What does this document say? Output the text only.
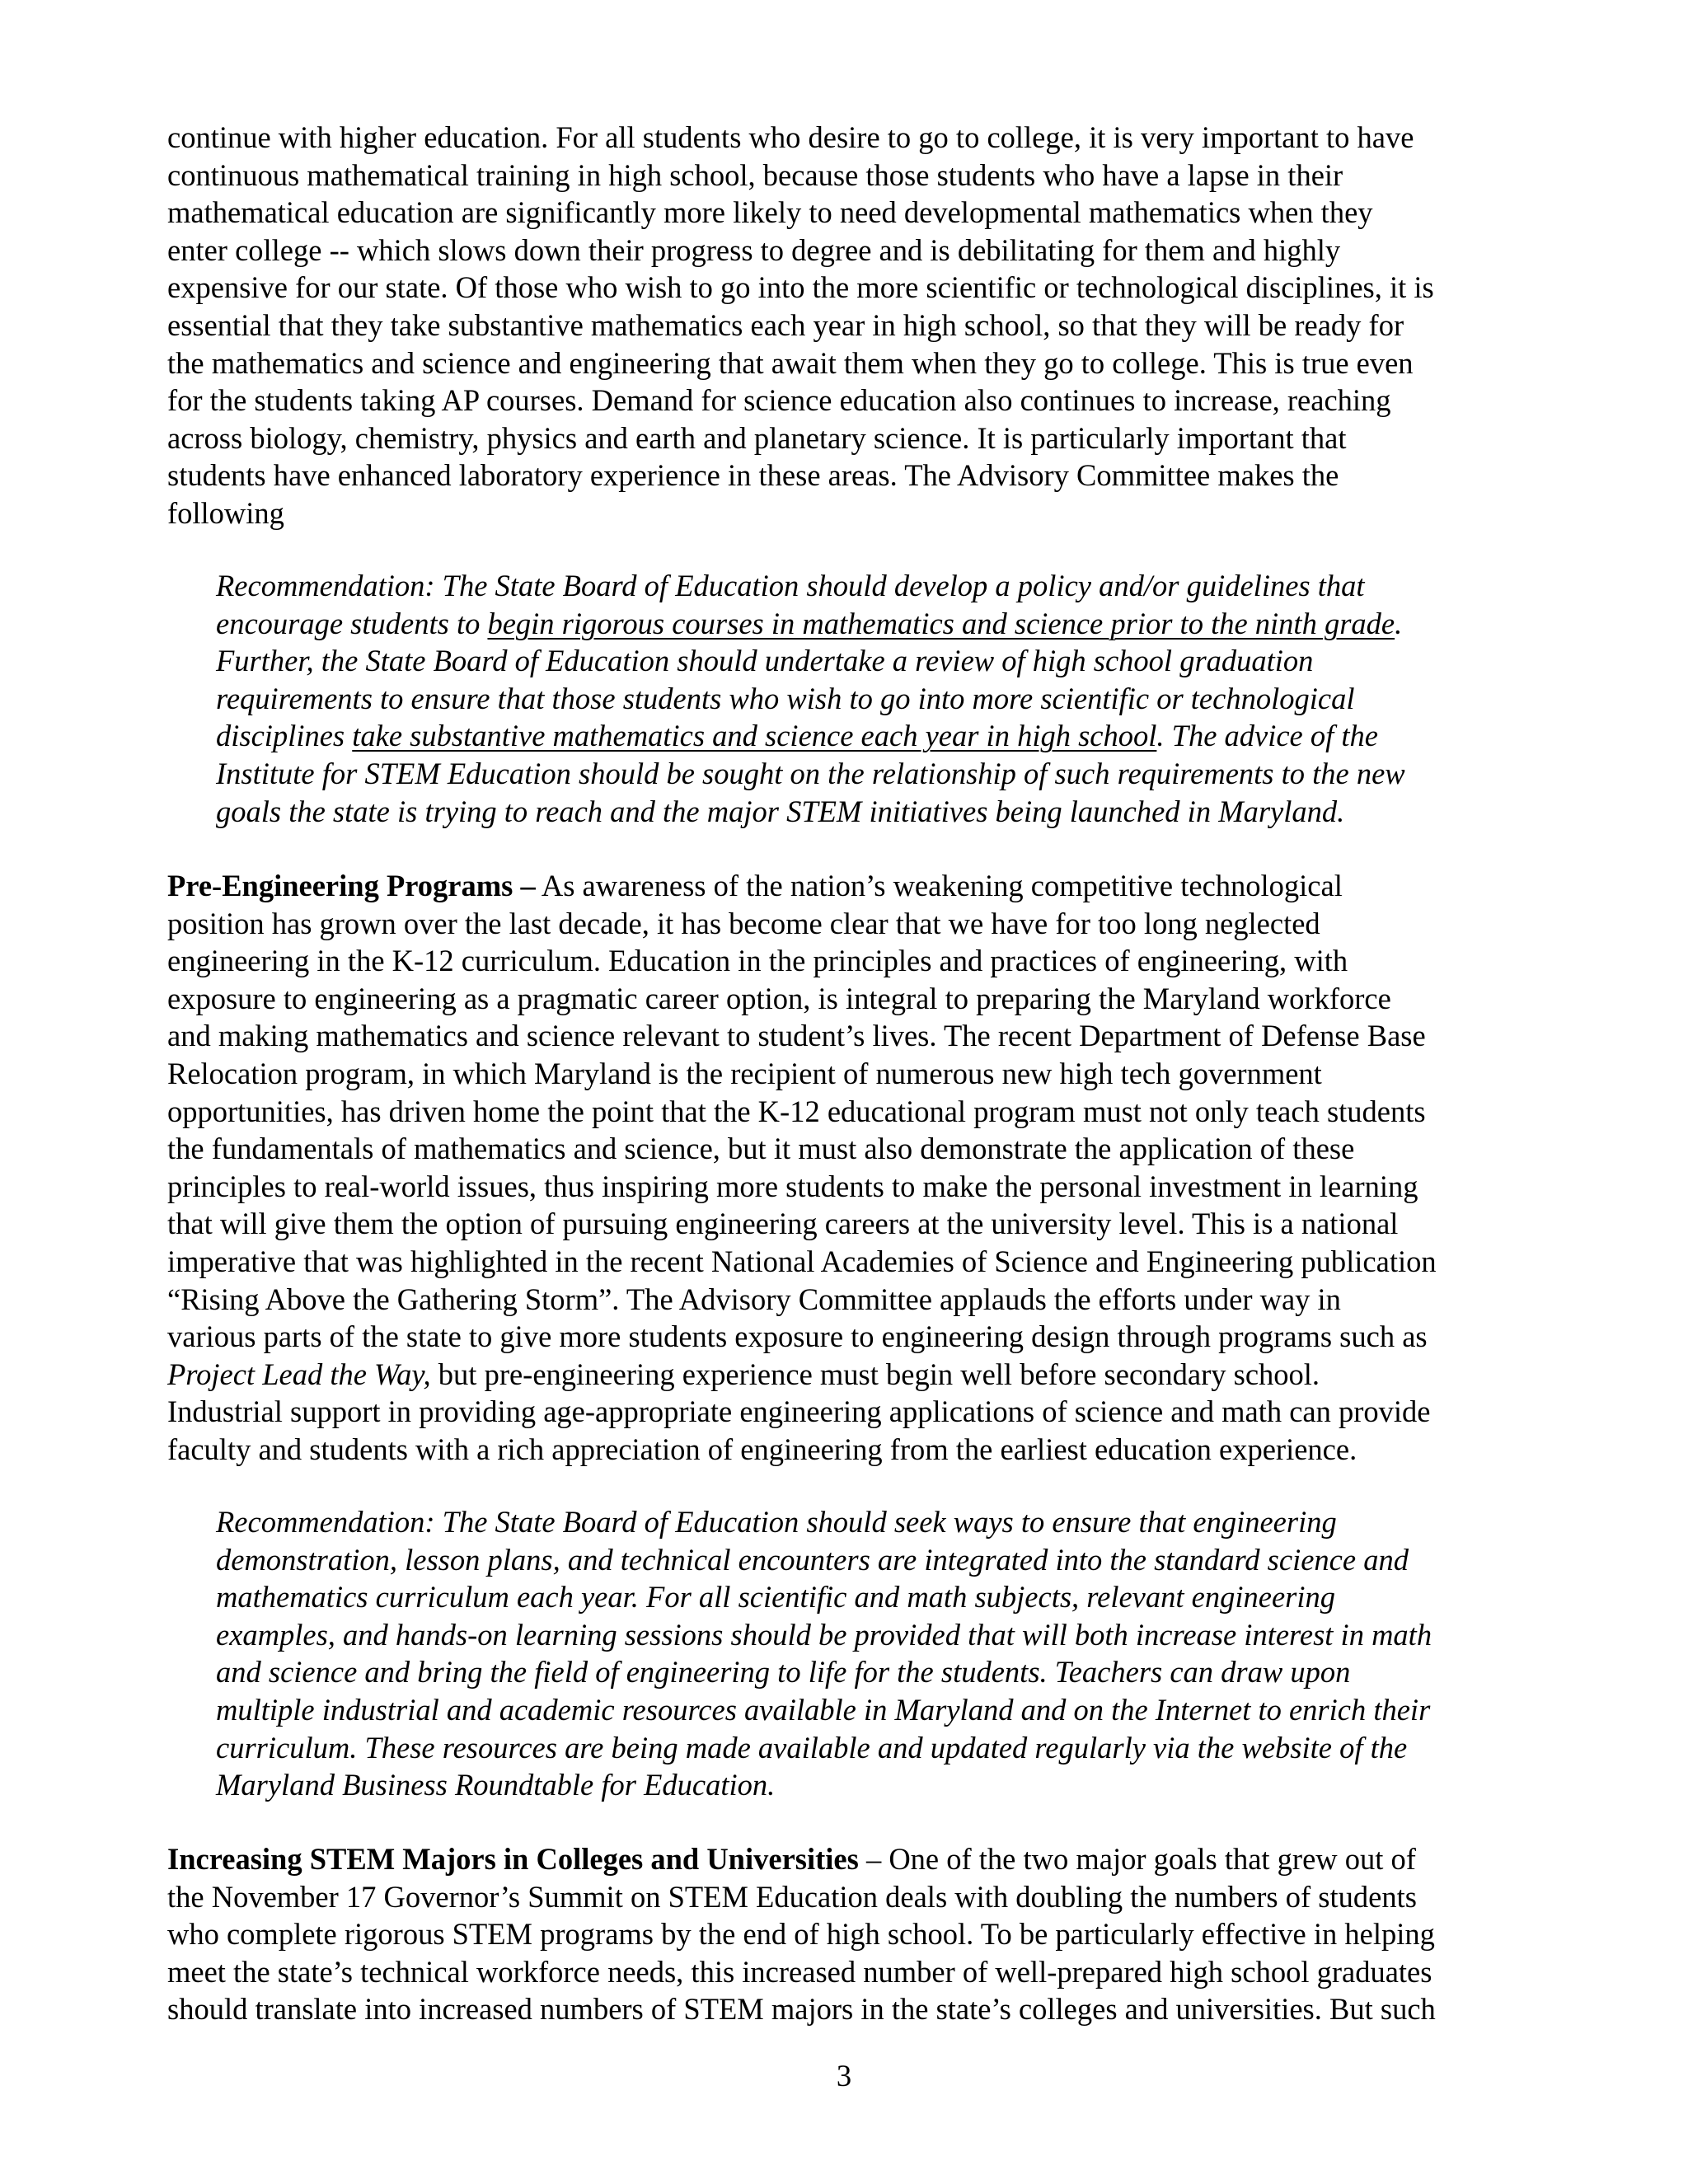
continue with higher education. For all students who desire to go to college, it is very important to have
continuous mathematical training in high school, because those students who have a lapse in their
mathematical education are significantly more likely to need developmental mathematics when they
enter college -- which slows down their progress to degree and is debilitating for them and highly
expensive for our state. Of those who wish to go into the more scientific or technological disciplines, it is
essential that they take substantive mathematics each year in high school, so that they will be ready for
the mathematics and science and engineering that await them when they go to college. This is true even
for the students taking AP courses. Demand for science education also continues to increase, reaching
across biology, chemistry, physics and earth and planetary science. It is particularly important that
students have enhanced laboratory experience in these areas. The Advisory Committee makes the
following
Recommendation: The State Board of Education should develop a policy and/or guidelines that
encourage students to begin rigorous courses in mathematics and science prior to the ninth grade.
Further, the State Board of Education should undertake a review of high school graduation
requirements to ensure that those students who wish to go into more scientific or technological
disciplines take substantive mathematics and science each year in high school. The advice of the
Institute for STEM Education should be sought on the relationship of such requirements to the new
goals the state is trying to reach and the major STEM initiatives being launched in Maryland.
Pre-Engineering Programs – As awareness of the nation’s weakening competitive technological
position has grown over the last decade, it has become clear that we have for too long neglected
engineering in the K-12 curriculum. Education in the principles and practices of engineering, with
exposure to engineering as a pragmatic career option, is integral to preparing the Maryland workforce
and making mathematics and science relevant to student’s lives. The recent Department of Defense Base
Relocation program, in which Maryland is the recipient of numerous new high tech government
opportunities, has driven home the point that the K-12 educational program must not only teach students
the fundamentals of mathematics and science, but it must also demonstrate the application of these
principles to real-world issues, thus inspiring more students to make the personal investment in learning
that will give them the option of pursuing engineering careers at the university level. This is a national
imperative that was highlighted in the recent National Academies of Science and Engineering publication
“Rising Above the Gathering Storm”. The Advisory Committee applauds the efforts under way in
various parts of the state to give more students exposure to engineering design through programs such as
Project Lead the Way, but pre-engineering experience must begin well before secondary school.
Industrial support in providing age-appropriate engineering applications of science and math can provide
faculty and students with a rich appreciation of engineering from the earliest education experience.
Recommendation: The State Board of Education should seek ways to ensure that engineering
demonstration, lesson plans, and technical encounters are integrated into the standard science and
mathematics curriculum each year. For all scientific and math subjects, relevant engineering
examples, and hands-on learning sessions should be provided that will both increase interest in math
and science and bring the field of engineering to life for the students. Teachers can draw upon
multiple industrial and academic resources available in Maryland and on the Internet to enrich their
curriculum. These resources are being made available and updated regularly via the website of the
Maryland Business Roundtable for Education.
Increasing STEM Majors in Colleges and Universities – One of the two major goals that grew out of
the November 17 Governor’s Summit on STEM Education deals with doubling the numbers of students
who complete rigorous STEM programs by the end of high school. To be particularly effective in helping
meet the state’s technical workforce needs, this increased number of well-prepared high school graduates
should translate into increased numbers of STEM majors in the state’s colleges and universities. But such
3
